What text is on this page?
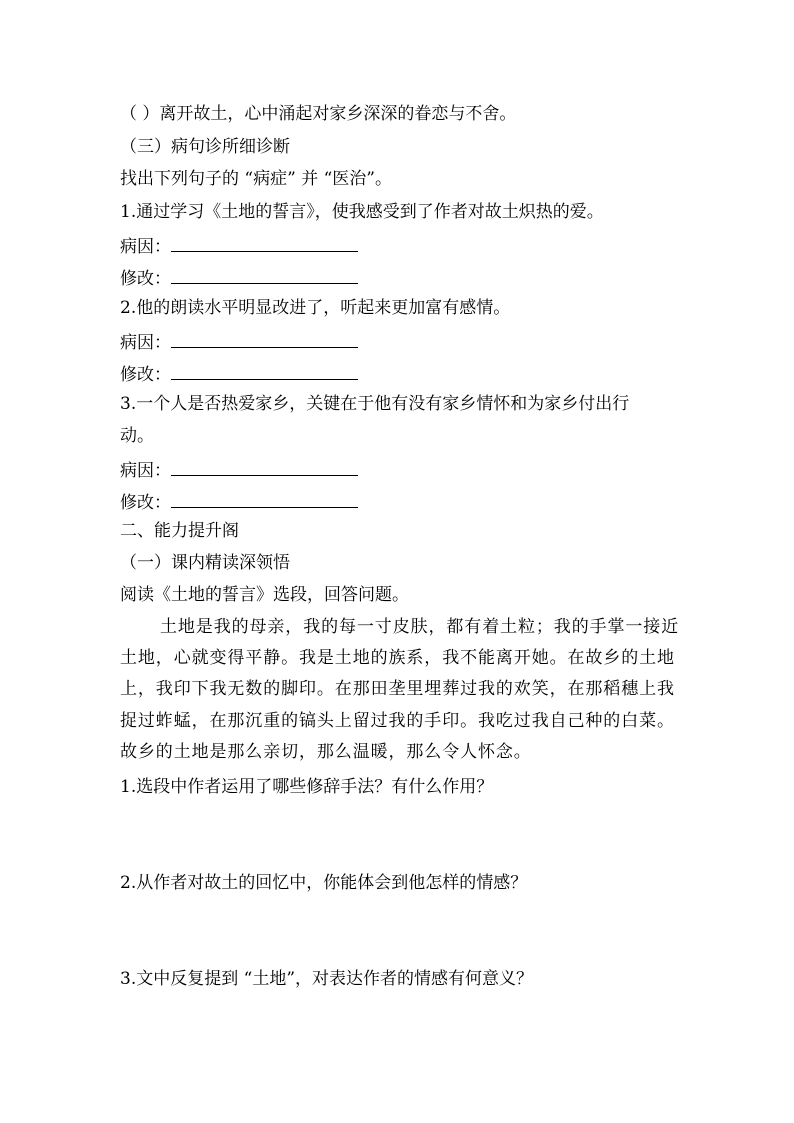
（ ）离开故土，心中涌起对家乡深深的眷恋与不舍。
（三）病句诊所细诊断
找出下列句子的 “病症” 并 “医治”。
1.通过学习《土地的誓言》，使我感受到了作者对故土炽热的爱。
病因：
修改：
2.他的朗读水平明显改进了，听起来更加富有感情。
病因：
修改：
3.一个人是否热爱家乡，关键在于他有没有家乡情怀和为家乡付出行
动。
病因：
修改：
二、能力提升阁
（一）课内精读深领悟
阅读《土地的誓言》选段，回答问题。
土地是我的母亲，我的每一寸皮肤，都有着土粒；我的手掌一接近土地，心就变得平静。我是土地的族系，我不能离开她。在故乡的土地上，我印下我无数的脚印。在那田垄里埋葬过我的欢笑，在那稻穗上我捉过蚱蜢，在那沉重的镐头上留过我的手印。我吃过我自己种的白菜。故乡的土地是那么亲切，那么温暖，那么令人怀念。
1.选段中作者运用了哪些修辞手法？有什么作用？
2.从作者对故土的回忆中，你能体会到他怎样的情感？
3.文中反复提到 “土地”，对表达作者的情感有何意义？
